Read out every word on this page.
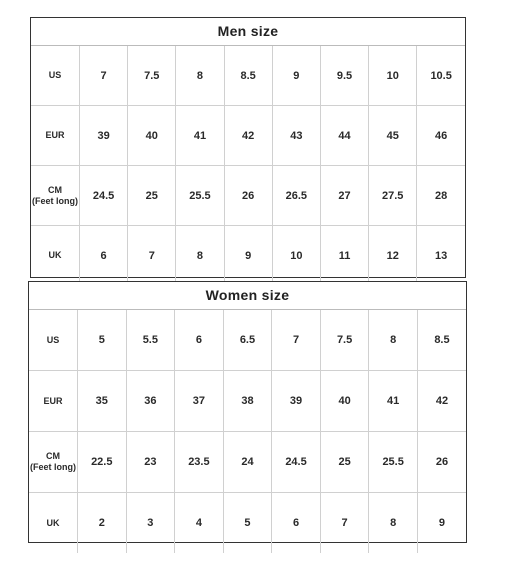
Men size
US	7	7.5	8	8.5	9	9.5	10	10.5
EUR	39	40	41	42	43	44	45	46
CM
(Feet long)	24.5	25	25.5	26	26.5	27	27.5	28
UK	6	7	8	9	10	11	12	13
Women size
US	5	5.5	6	6.5	7	7.5	8	8.5
EUR	35	36	37	38	39	40	41	42
CM
(Feet long)	22.5	23	23.5	24	24.5	25	25.5	26
UK	2	3	4	5	6	7	8	9
